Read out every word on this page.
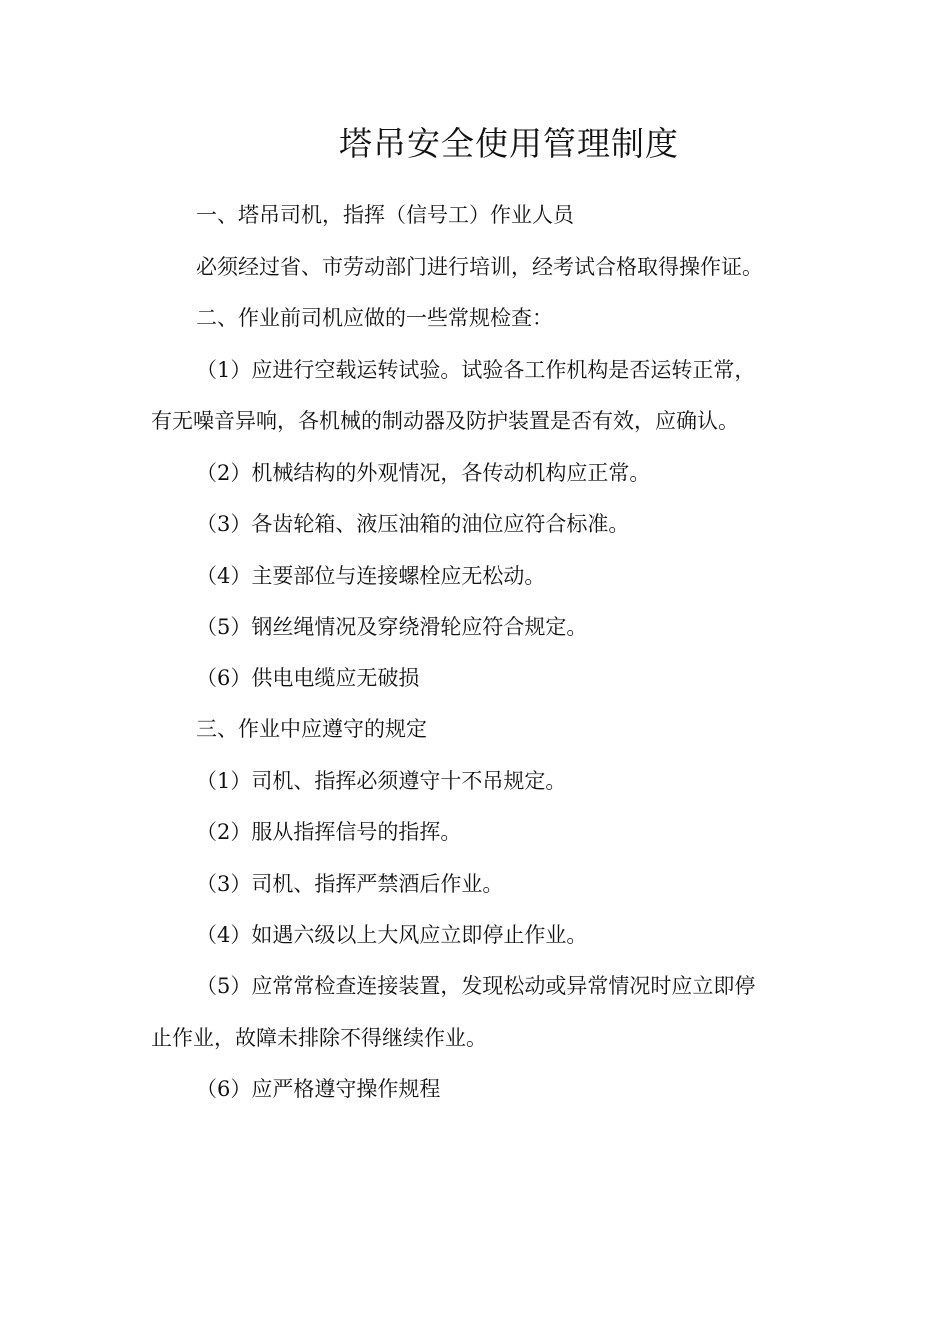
塔吊安全使用管理制度
一、塔吊司机，指挥（信号工）作业人员
必须经过省、市劳动部门进行培训，经考试合格取得操作证。
二、作业前司机应做的一些常规检查：
（1）应进行空载运转试验。试验各工作机构是否运转正常，
有无噪音异响，各机械的制动器及防护装置是否有效，应确认。
（2）机械结构的外观情况，各传动机构应正常。
（3）各齿轮箱、液压油箱的油位应符合标准。
（4）主要部位与连接螺栓应无松动。
（5）钢丝绳情况及穿绕滑轮应符合规定。
（6）供电电缆应无破损
三、作业中应遵守的规定
（1）司机、指挥必须遵守十不吊规定。
（2）服从指挥信号的指挥。
（3）司机、指挥严禁酒后作业。
（4）如遇六级以上大风应立即停止作业。
（5）应常常检查连接装置，发现松动或异常情况时应立即停
止作业，故障未排除不得继续作业。
（6）应严格遵守操作规程
